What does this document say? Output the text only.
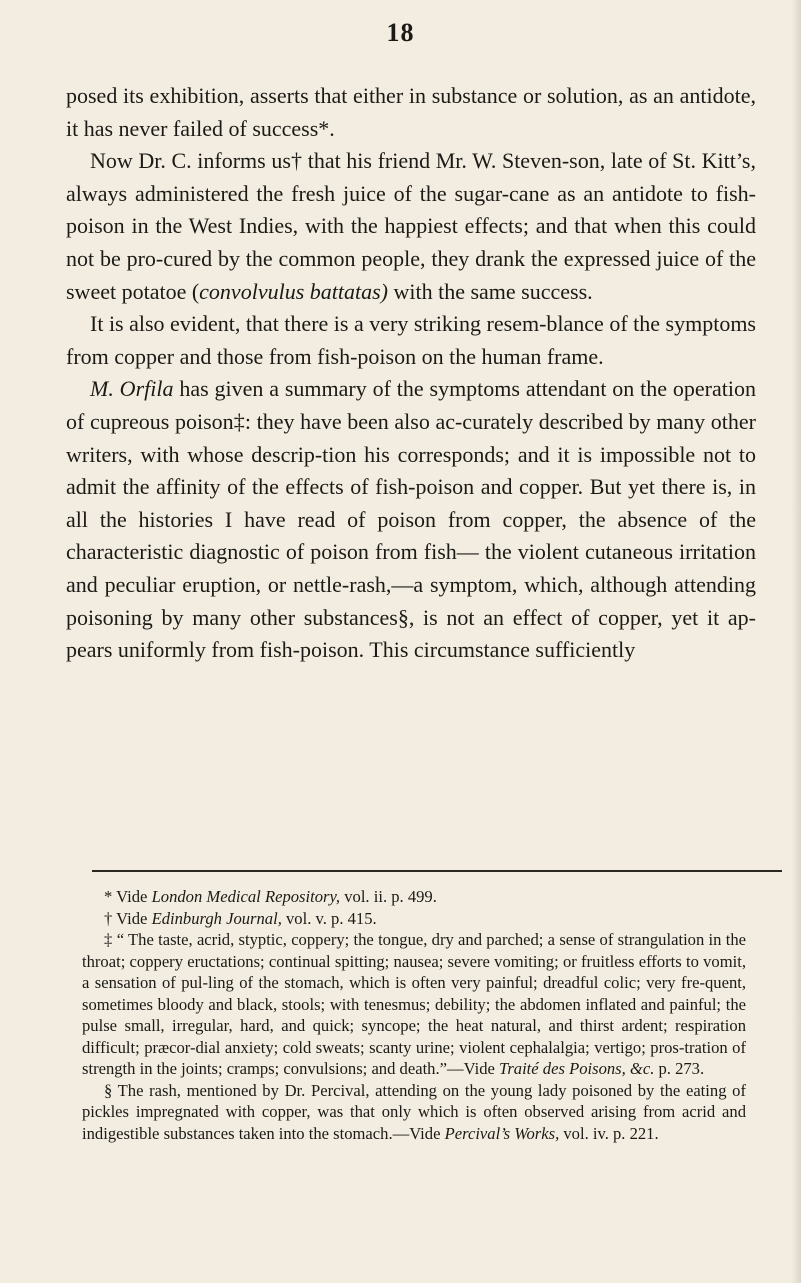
18

posed its exhibition, asserts that either in substance or solution, as an antidote, it has never failed of success*.

Now Dr. C. informs us† that his friend Mr. W. Steven-son, late of St. Kitt’s, always administered the fresh juice of the sugar-cane as an antidote to fish-poison in the West Indies, with the happiest effects; and that when this could not be pro-cured by the common people, they drank the expressed juice of the sweet potatoe (convolvulus battatas) with the same success.

It is also evident, that there is a very striking resem-blance of the symptoms from copper and those from fish-poison on the human frame.

M. Orfila has given a summary of the symptoms attendant on the operation of cupreous poison‡: they have been also ac-curately described by many other writers, with whose descrip-tion his corresponds; and it is impossible not to admit the affinity of the effects of fish-poison and copper. But yet there is, in all the histories I have read of poison from copper, the absence of the characteristic diagnostic of poison from fish— the violent cutaneous irritation and peculiar eruption, or nettle-rash,—a symptom, which, although attending poisoning by many other substances§, is not an effect of copper, yet it ap-pears uniformly from fish-poison. This circumstance sufficiently

* Vide London Medical Repository, vol. ii. p. 499.

† Vide Edinburgh Journal, vol. v. p. 415.

‡ “ The taste, acrid, styptic, coppery; the tongue, dry and parched; a sense of strangulation in the throat; coppery eructations; continual spitting; nausea; severe vomiting; or fruitless efforts to vomit, a sensation of pul-ling of the stomach, which is often very painful; dreadful colic; very fre-quent, sometimes bloody and black, stools; with tenesmus; debility; the abdomen inflated and painful; the pulse small, irregular, hard, and quick; syncope; the heat natural, and thirst ardent; respiration difficult; præcor-dial anxiety; cold sweats; scanty urine; violent cephalalgia; vertigo; pros-tration of strength in the joints; cramps; convulsions; and death.”—Vide Traité des Poisons, &c. p. 273.

§ The rash, mentioned by Dr. Percival, attending on the young lady poisoned by the eating of pickles impregnated with copper, was that only which is often observed arising from acrid and indigestible substances taken into the stomach.—Vide Percival’s Works, vol. iv. p. 221.
